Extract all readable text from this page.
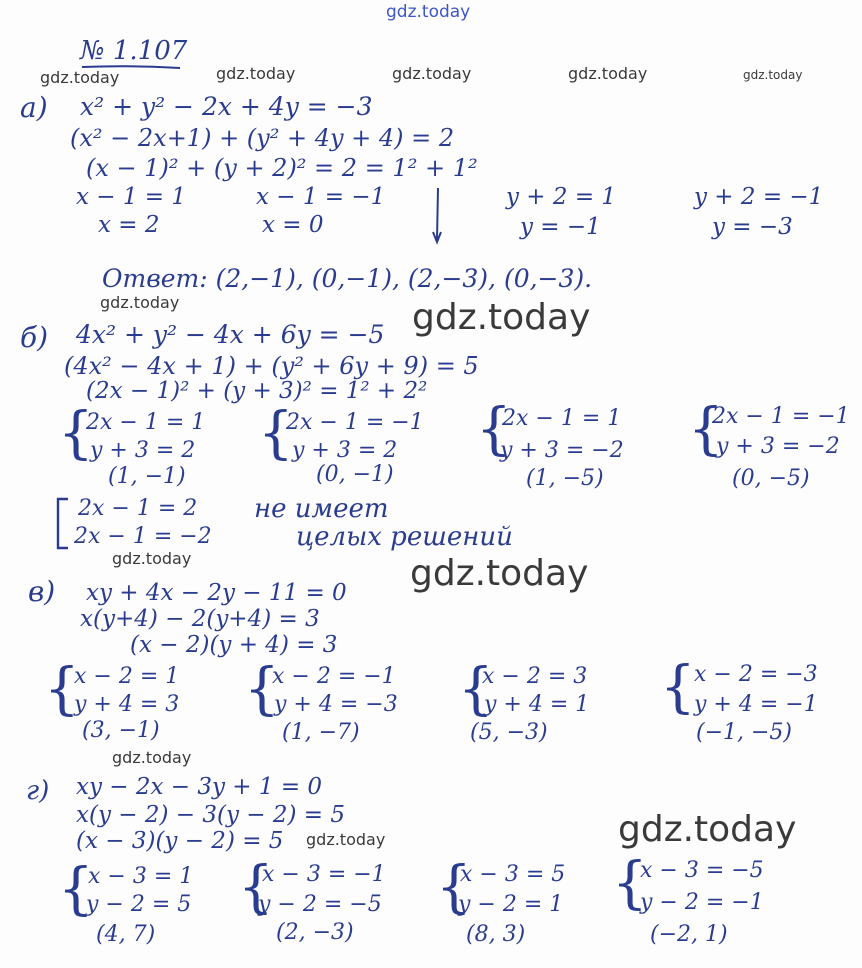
gdz.today
gdz.today	gdz.today	gdz.today	gdz.today	gdz.today
gdz.today	gdz.today
gdz.today	gdz.today
gdz.today
gdz.today	gdz.today
№ 1.107
а) x² + y² − 2x + 4y = −3
(x² − 2x+1) + (y² + 4y + 4) = 2
(x − 1)² + (y + 2)² = 2 = 1² + 1²
x − 1 = 1
x = 2
x − 1 = −1
x = 0
y + 2 = 1
y = −1
y + 2 = −1
y = −3
Ответ: (2,−1), (0,−1), (2,−3), (0,−3).
б) 4x² + y² − 4x + 6y = −5
(4x² − 4x + 1) + (y² + 6y + 9) = 5
(2x − 1)² + (y + 3)² = 1² + 2²
{
2x − 1 = 1
y + 3 = 2
(1, −1)
{
2x − 1 = −1
y + 3 = 2
(0, −1)
{
2x − 1 = 1
y + 3 = −2
(1, −5)
{
2x − 1 = −1
y + 3 = −2
(0, −5)
2x − 1 = 2
2x − 1 = −2
не имеет
целых решений
в) xy + 4x − 2y − 11 = 0
x(y+4) − 2(y+4) = 3
(x − 2)(y + 4) = 3
{
x − 2 = 1
y + 4 = 3
(3, −1)
{
x − 2 = −1
y + 4 = −3
(1, −7)
{
x − 2 = 3
y + 4 = 1
(5, −3)
{
x − 2 = −3
y + 4 = −1
(−1, −5)
г) xy − 2x − 3y + 1 = 0
x(y − 2) − 3(y − 2) = 5
(x − 3)(y − 2) = 5
{
x − 3 = 1
y − 2 = 5
(4, 7)
{
x − 3 = −1
y − 2 = −5
(2, −3)
{
x − 3 = 5
y − 2 = 1
(8, 3)
{
x − 3 = −5
y − 2 = −1
(−2, 1)
